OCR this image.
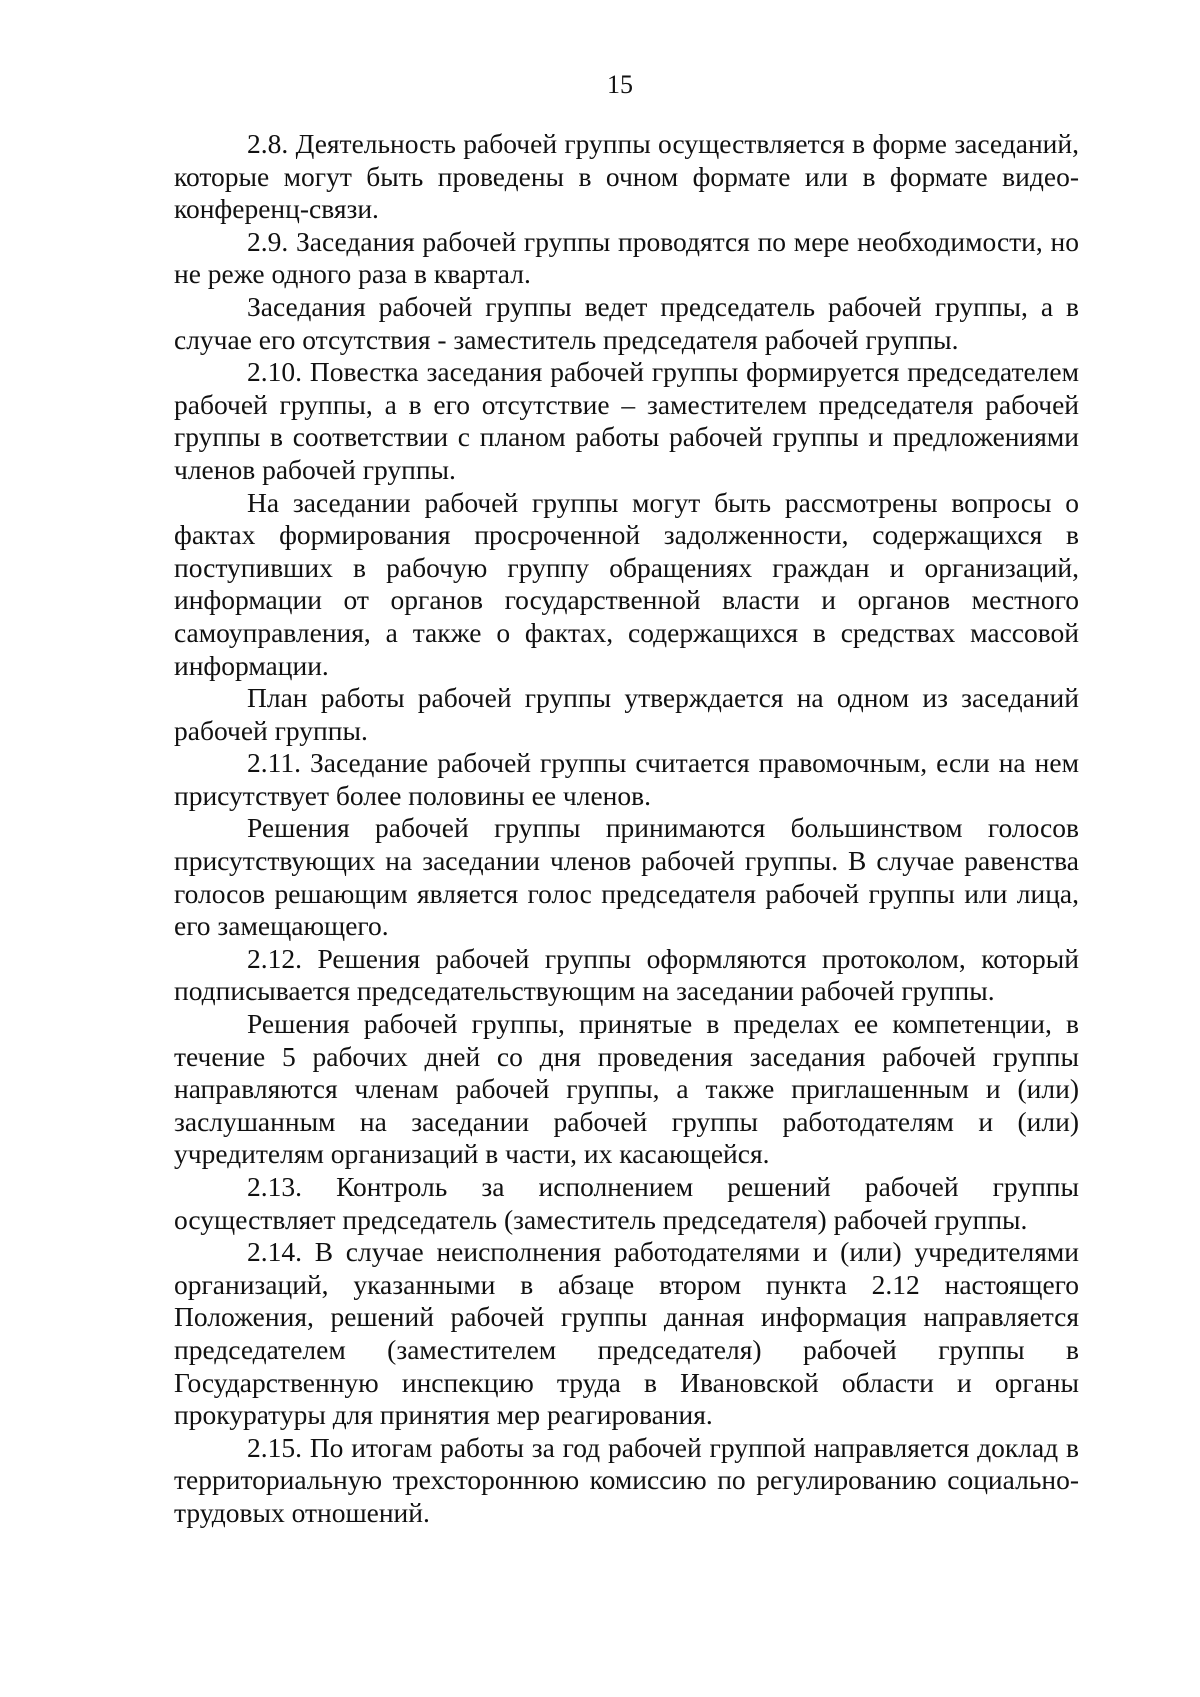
15

2.8. Деятельность рабочей группы осуществляется в форме заседаний, которые могут быть проведены в очном формате или в формате видео-конференц-связи.

2.9. Заседания рабочей группы проводятся по мере необходимости, но не реже одного раза в квартал.

Заседания рабочей группы ведет председатель рабочей группы, а в случае его отсутствия - заместитель председателя рабочей группы.

2.10. Повестка заседания рабочей группы формируется председателем рабочей группы, а в его отсутствие – заместителем председателя рабочей группы в соответствии с планом работы рабочей группы и предложениями членов рабочей группы.

На заседании рабочей группы могут быть рассмотрены вопросы о фактах формирования просроченной задолженности, содержащихся в поступивших в рабочую группу обращениях граждан и организаций, информации от органов государственной власти и органов местного самоуправления, а также о фактах, содержащихся в средствах массовой информации.

План работы рабочей группы утверждается на одном из заседаний рабочей группы.

2.11. Заседание рабочей группы считается правомочным, если на нем присутствует более половины ее членов.

Решения рабочей группы принимаются большинством голосов присутствующих на заседании членов рабочей группы. В случае равенства голосов решающим является голос председателя рабочей группы или лица, его замещающего.

2.12. Решения рабочей группы оформляются протоколом, который подписывается председательствующим на заседании рабочей группы.

Решения рабочей группы, принятые в пределах ее компетенции, в течение 5 рабочих дней со дня проведения заседания рабочей группы направляются членам рабочей группы, а также приглашенным и (или) заслушанным на заседании рабочей группы работодателям и (или) учредителям организаций в части, их касающейся.

2.13. Контроль за исполнением решений рабочей группы осуществляет председатель (заместитель председателя) рабочей группы.

2.14. В случае неисполнения работодателями и (или) учредителями организаций, указанными в абзаце втором пункта 2.12 настоящего Положения, решений рабочей группы данная информация направляется председателем (заместителем председателя) рабочей группы в Государственную инспекцию труда в Ивановской области и органы прокуратуры для принятия мер реагирования.

2.15. По итогам работы за год рабочей группой направляется доклад в территориальную трехстороннюю комиссию по регулированию социально-трудовых отношений.
